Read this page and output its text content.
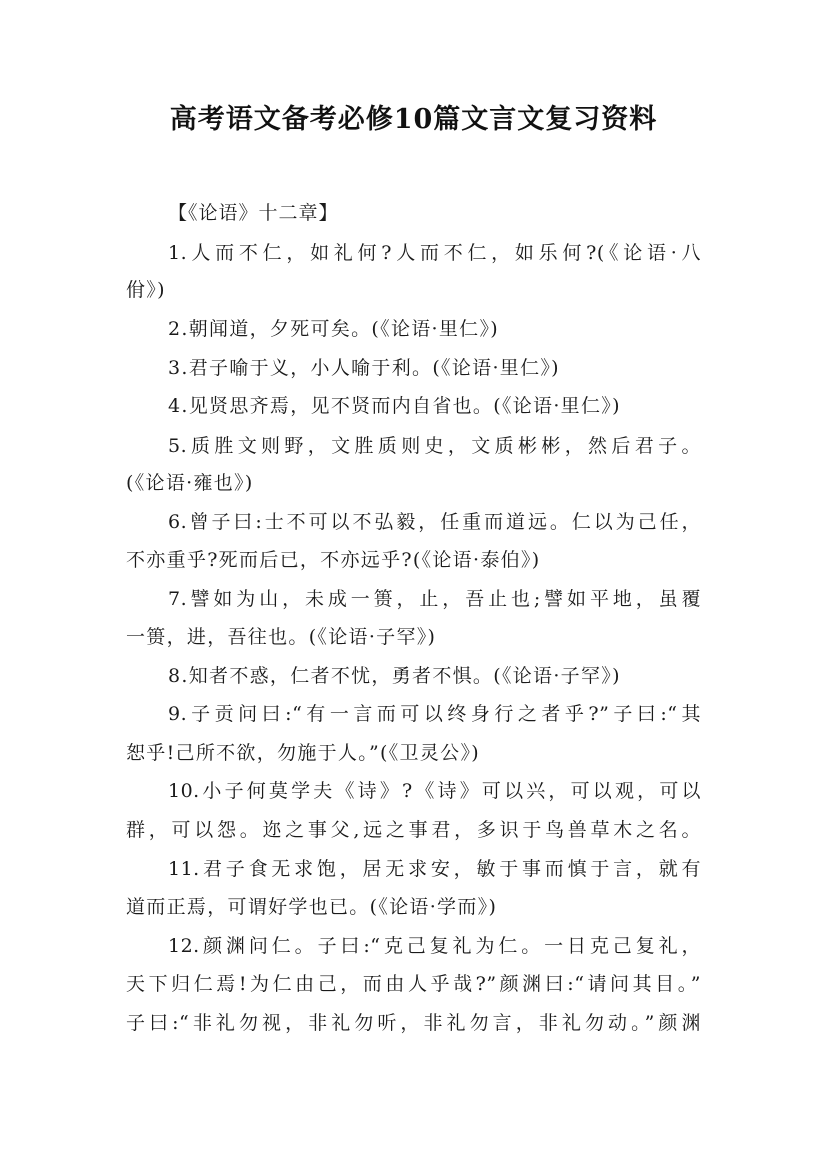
高考语文备考必修10篇文言文复习资料
【《论语》十二章】
1.人而不仁，如礼何?人而不仁，如乐何?(《论语·八
佾》)
2.朝闻道，夕死可矣。(《论语·里仁》)
3.君子喻于义，小人喻于利。(《论语·里仁》)
4.见贤思齐焉，见不贤而内自省也。(《论语·里仁》)
5.质胜文则野，文胜质则史，文质彬彬，然后君子。
(《论语·雍也》)
6.曾子曰:士不可以不弘毅，任重而道远。仁以为己任，
不亦重乎?死而后已，不亦远乎?(《论语·泰伯》)
7.譬如为山，未成一篑，止，吾止也;譬如平地，虽覆
一篑，进，吾往也。(《论语·子罕》)
8.知者不惑，仁者不忧，勇者不惧。(《论语·子罕》)
9.子贡问曰:“有一言而可以终身行之者乎?”子曰:“其
恕乎!己所不欲，勿施于人。”(《卫灵公》)
10.小子何莫学夫《诗》?《诗》可以兴，可以观，可以
群，可以怨。迩之事父,远之事君，多识于鸟兽草木之名。
11.君子食无求饱，居无求安，敏于事而慎于言，就有
道而正焉，可谓好学也已。(《论语·学而》)
12.颜渊问仁。子曰:“克己复礼为仁。一日克己复礼，
天下归仁焉!为仁由己，而由人乎哉?”颜渊曰:“请问其目。”
子曰:“非礼勿视，非礼勿听，非礼勿言，非礼勿动。”颜渊
